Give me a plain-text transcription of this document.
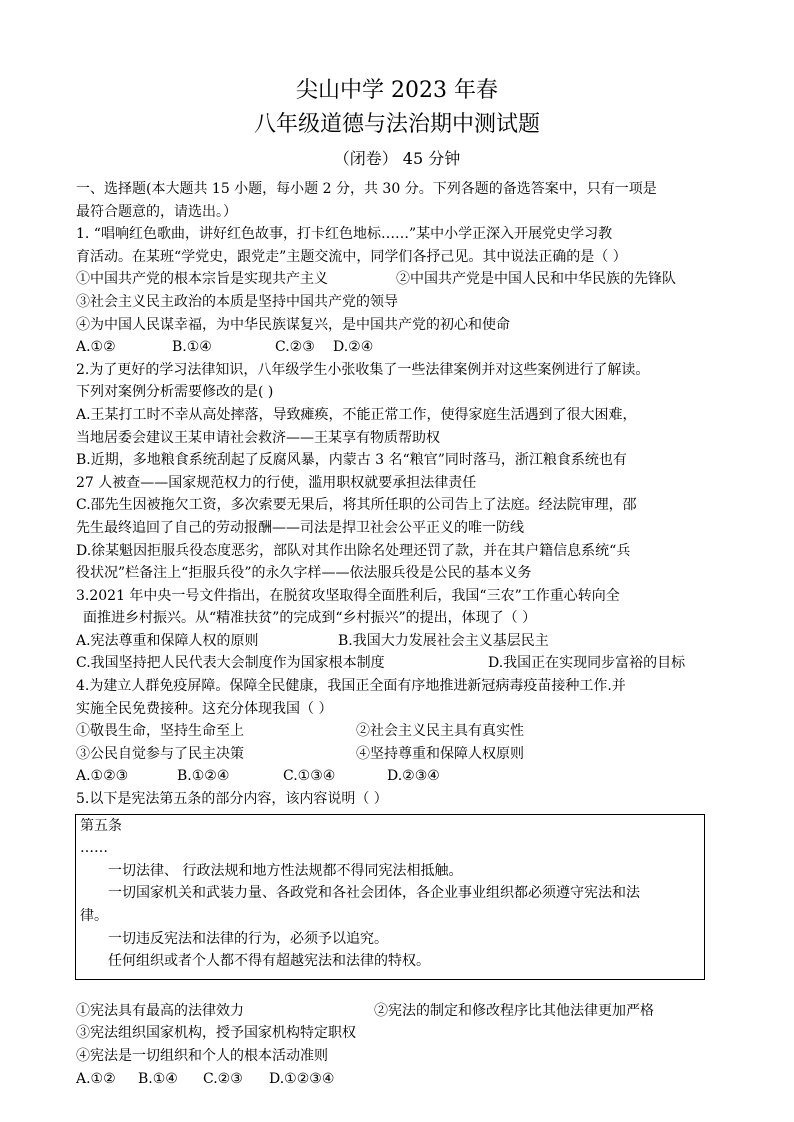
尖山中学 2023 年春
八年级道德与法治期中测试题
（闭卷） 45 分钟
一、选择题(本大题共 15 小题，每小题 2 分，共 30 分。下列各题的备选答案中，只有一项是
最符合题意的，请选出。）
1. “唱响红色歌曲，讲好红色故事，打卡红色地标……”某中小学正深入开展党史学习教
育活动。在某班“学党史，跟党走”主题交流中，同学们各抒己见。其中说法正确的是（ ）
①中国共产党的根本宗旨是实现共产主义	②中国共产党是中国人民和中华民族的先锋队
③社会主义民主政治的本质是坚持中国共产党的领导
④为中国人民谋幸福，为中华民族谋复兴，是中国共产党的初心和使命
A.①②	B.①④	C.②③	D.②④
2.为了更好的学习法律知识，八年级学生小张收集了一些法律案例并对这些案例进行了解读。
下列对案例分析需要修改的是( )
A.王某打工时不幸从高处摔落，导致瘫痪，不能正常工作，使得家庭生活遇到了很大困难，
当地居委会建议王某申请社会救济——王某享有物质帮助权
B.近期，多地粮食系统刮起了反腐风暴，内蒙古 3 名“粮官”同时落马，浙江粮食系统也有
27 人被查——国家规范权力的行使，滥用职权就要承担法律责任
C.邵先生因被拖欠工资，多次索要无果后，将其所任职的公司告上了法庭。经法院审理，邵
先生最终追回了自己的劳动报酬——司法是捍卫社会公平正义的唯一防线
D.徐某魁因拒服兵役态度恶劣，部队对其作出除名处理还罚了款，并在其户籍信息系统“兵
役状况”栏备注上“拒服兵役”的永久字样——依法服兵役是公民的基本义务
3.2021 年中央一号文件指出，在脱贫攻坚取得全面胜利后，我国“三农”工作重心转向全
面推进乡村振兴。从“精准扶贫”的完成到“乡村振兴”的提出，体现了（ ）
A.宪法尊重和保障人权的原则	B.我国大力发展社会主义基层民主
C.我国坚持把人民代表大会制度作为国家根本制度	D.我国正在实现同步富裕的目标
4.为建立人群免疫屏障。保障全民健康，我国正全面有序地推进新冠病毒疫苗接种工作.并
实施全民免费接种。这充分体现我国（ ）
①敬畏生命，坚持生命至上	②社会主义民主具有真实性
③公民自觉参与了民主决策	④坚持尊重和保障人权原则
A.①②③	B.①②④	C.①③④	D.②③④
5.以下是宪法第五条的部分内容，该内容说明（ ）
第五条
……
一切法律、 行政法规和地方性法规都不得同宪法相抵触。
一切国家机关和武装力量、各政党和各社会团体，各企业事业组织都必须遵守宪法和法
律。
一切违反宪法和法律的行为，必须予以追究。
任何组织或者个人都不得有超越宪法和法律的特权。
①宪法具有最高的法律效力	②宪法的制定和修改程序比其他法律更加严格
③宪法组织国家机构，授予国家机构特定职权
④宪法是一切组织和个人的根本活动准则
A.①②	B.①④	C.②③	D.①②③④
